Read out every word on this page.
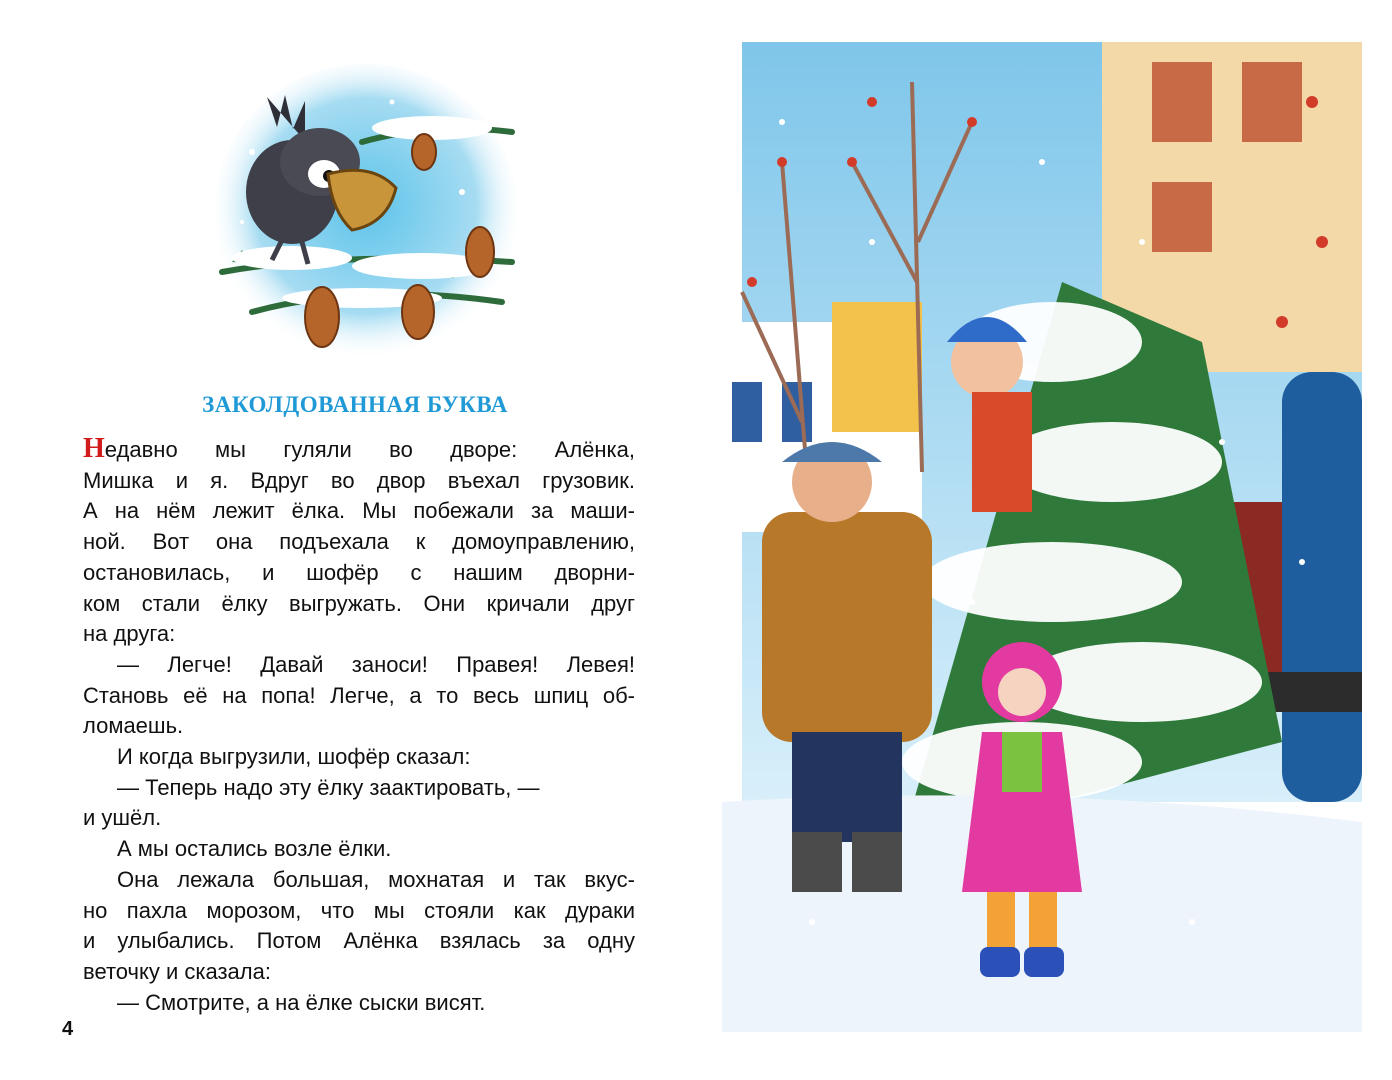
ЗАКОЛДОВАННАЯ БУКВА
Недавно мы гуляли во дворе: Алёнка,
Мишка и я. Вдруг во двор въехал грузовик.
А на нём лежит ёлка. Мы побежали за маши-
ной. Вот она подъехала к домоуправлению,
остановилась, и шофёр с нашим дворни-
ком стали ёлку выгружать. Они кричали друг
на друга:
— Легче! Давай заноси! Правея! Левея!
Становь её на попа! Легче, а то весь шпиц об-
ломаешь.
И когда выгрузили, шофёр сказал:
— Теперь надо эту ёлку заактировать, —
и ушёл.
А мы остались возле ёлки.
Она лежала большая, мохнатая и так вкус-
но пахла морозом, что мы стояли как дураки
и улыбались. Потом Алёнка взялась за одну
веточку и сказала:
— Смотрите, а на ёлке сыски висят.
4
